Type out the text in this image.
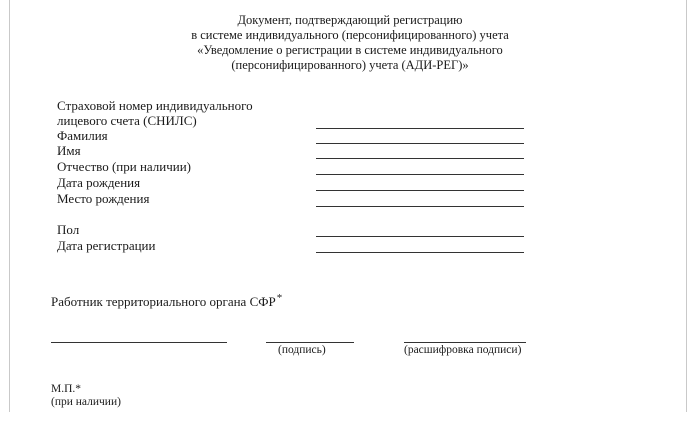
Документ, подтверждающий регистрацию
в системе индивидуального (персонифицированного) учета
«Уведомление о регистрации в системе индивидуального
(персонифицированного) учета (АДИ-РЕГ)»
Страховой номер индивидуального
лицевого счета (СНИЛС)
Фамилия
Имя
Отчество (при наличии)
Дата рождения
Место рождения
Пол
Дата регистрации
Работник территориального органа СФР*
(подпись)	(расшифровка подписи)
М.П.*
(при наличии)
